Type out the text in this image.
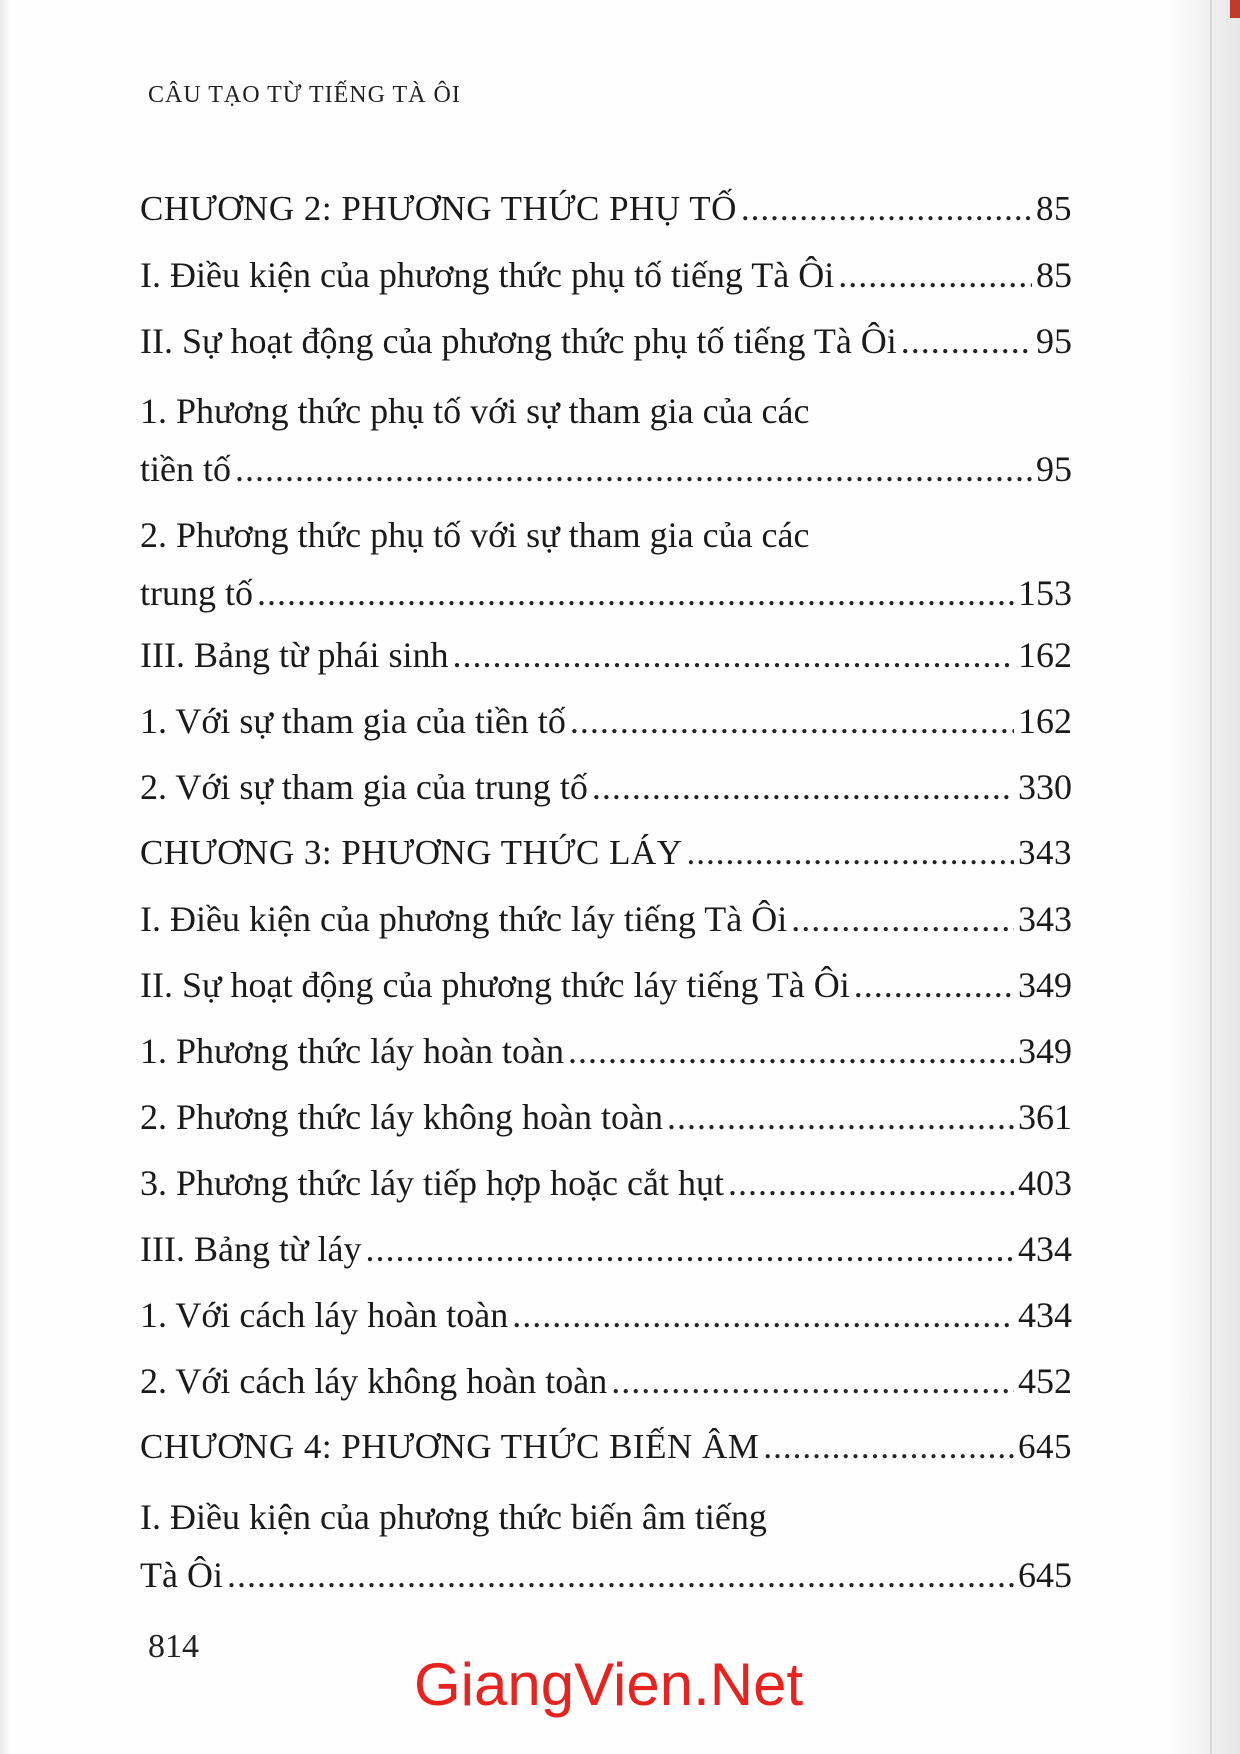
CÂU TẠO TỪ TIẾNG TÀ ÔI
CHƯƠNG 2: PHƯƠNG THỨC PHỤ TỐ .....	85
I. Điều kiện của phương thức phụ tố tiếng Tà Ôi .....	85
II. Sự hoạt động của phương thức phụ tố tiếng Tà Ôi .....	95
1. Phương thức phụ tố với sự tham gia của các
tiền tố .....	95
2. Phương thức phụ tố với sự tham gia của các
trung tố .....	153
III. Bảng từ phái sinh .....	162
1. Với sự tham gia của tiền tố .....	162
2. Với sự tham gia của trung tố .....	330
CHƯƠNG 3: PHƯƠNG THỨC LÁY .....	343
I. Điều kiện của phương thức láy tiếng Tà Ôi .....	343
II. Sự hoạt động của phương thức láy tiếng Tà Ôi .....	349
1. Phương thức láy hoàn toàn .....	349
2. Phương thức láy không hoàn toàn .....	361
3. Phương thức láy tiếp hợp hoặc cắt hụt .....	403
III. Bảng từ láy .....	434
1. Với cách láy hoàn toàn .....	434
2. Với cách láy không hoàn toàn .....	452
CHƯƠNG 4: PHƯƠNG THỨC BIẾN ÂM .....	645
I. Điều kiện của phương thức biến âm tiếng
Tà Ôi .....	645
814
GiangVien.Net
